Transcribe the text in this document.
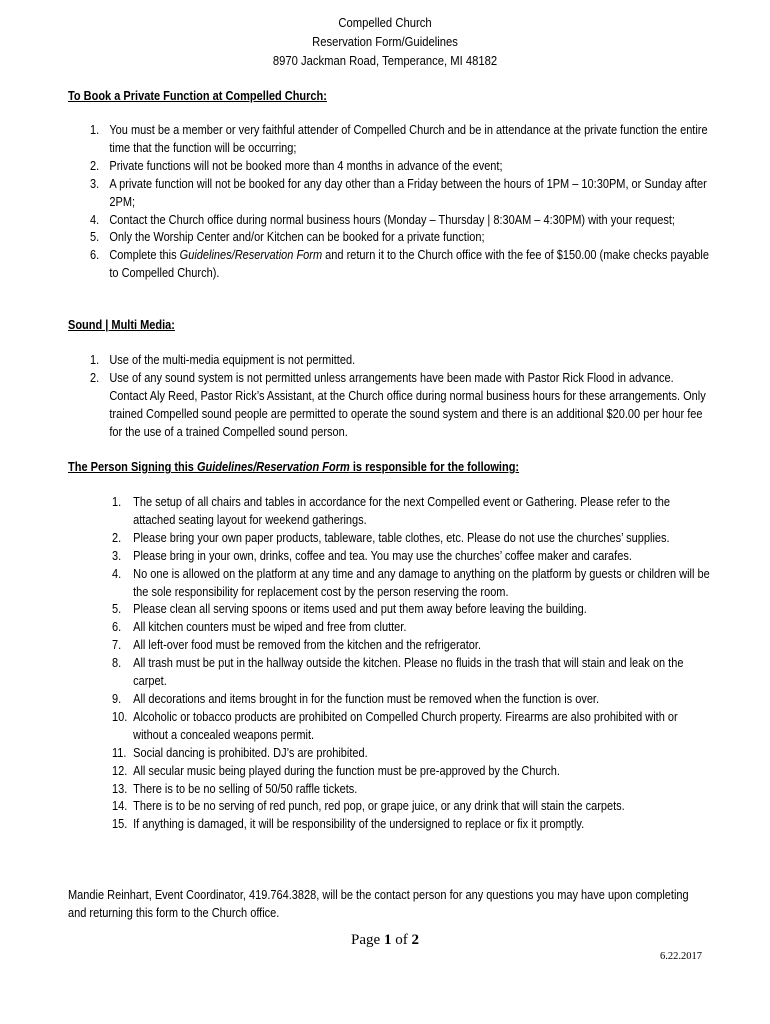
Compelled Church
Reservation Form/Guidelines
8970 Jackman Road, Temperance, MI 48182
To Book a Private Function at Compelled Church:
1. You must be a member or very faithful attender of Compelled Church and be in attendance at the private function the entire time that the function will be occurring;
2. Private functions will not be booked more than 4 months in advance of the event;
3. A private function will not be booked for any day other than a Friday between the hours of 1PM – 10:30PM, or Sunday after 2PM;
4. Contact the Church office during normal business hours (Monday – Thursday | 8:30AM – 4:30PM) with your request;
5. Only the Worship Center and/or Kitchen can be booked for a private function;
6. Complete this Guidelines/Reservation Form and return it to the Church office with the fee of $150.00 (make checks payable to Compelled Church).
Sound | Multi Media:
1. Use of the multi-media equipment is not permitted.
2. Use of any sound system is not permitted unless arrangements have been made with Pastor Rick Flood in advance. Contact Aly Reed, Pastor Rick’s Assistant, at the Church office during normal business hours for these arrangements. Only trained Compelled sound people are permitted to operate the sound system and there is an additional $20.00 per hour fee for the use of a trained Compelled sound person.
The Person Signing this Guidelines/Reservation Form is responsible for the following:
1. The setup of all chairs and tables in accordance for the next Compelled event or Gathering. Please refer to the attached seating layout for weekend gatherings.
2. Please bring your own paper products, tableware, table clothes, etc. Please do not use the churches’ supplies.
3. Please bring in your own, drinks, coffee and tea. You may use the churches’ coffee maker and carafes.
4. No one is allowed on the platform at any time and any damage to anything on the platform by guests or children will be the sole responsibility for replacement cost by the person reserving the room.
5. Please clean all serving spoons or items used and put them away before leaving the building.
6. All kitchen counters must be wiped and free from clutter.
7. All left-over food must be removed from the kitchen and the refrigerator.
8. All trash must be put in the hallway outside the kitchen. Please no fluids in the trash that will stain and leak on the carpet.
9. All decorations and items brought in for the function must be removed when the function is over.
10. Alcoholic or tobacco products are prohibited on Compelled Church property. Firearms are also prohibited with or without a concealed weapons permit.
11. Social dancing is prohibited. DJ’s are prohibited.
12. All secular music being played during the function must be pre-approved by the Church.
13. There is to be no selling of 50/50 raffle tickets.
14. There is to be no serving of red punch, red pop, or grape juice, or any drink that will stain the carpets.
15. If anything is damaged, it will be responsibility of the undersigned to replace or fix it promptly.
Mandie Reinhart, Event Coordinator, 419.764.3828, will be the contact person for any questions you may have upon completing and returning this form to the Church office.
Page 1 of 2
6.22.2017
